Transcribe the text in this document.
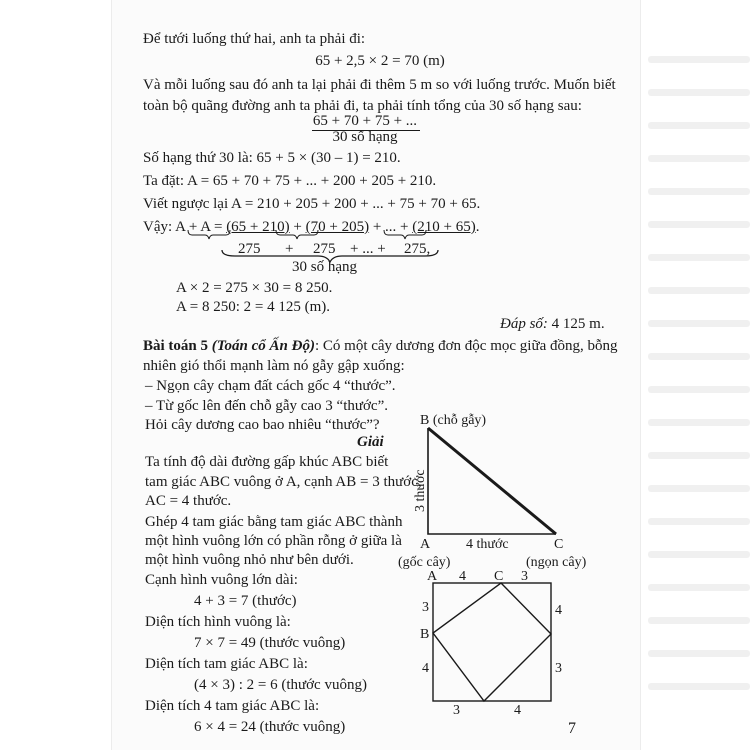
Để tưới luống thứ hai, anh ta phải đi:
65 + 2,5 × 2 = 70 (m)
Và mỗi luống sau đó anh ta lại phải đi thêm 5 m so với luống trước. Muốn biết
toàn bộ quãng đường anh ta phải đi, ta phải tính tổng của 30 số hạng sau:
65 + 70 + 75 + ...
30 số hạng
Số hạng thứ 30 là: 65 + 5 × (30 – 1) = 210.
Ta đặt: A = 65 + 70 + 75 + ... + 200 + 205 + 210.
Viết ngược lại A = 210 + 205 + 200 + ... + 75 + 70 + 65.
Vậy: A + A = (65 + 210) + (70 + 205) + ... + (210 + 65).
275 + 275 + ... + 275,
30 số hạng
A × 2 = 275 × 30 = 8 250.
A = 8 250: 2 = 4 125 (m).
Đáp số: 4 125 m.
Bài toán 5 (Toán cổ Ấn Độ): Có một cây dương đơn độc mọc giữa đồng, bỗng
nhiên gió thổi mạnh làm nó gẫy gập xuống:
– Ngọn cây chạm đất cách gốc 4 “thước”.
– Từ gốc lên đến chỗ gẫy cao 3 “thước”.
Hỏi cây dương cao bao nhiêu “thước”?
Giải
Ta tính độ dài đường gấp khúc ABC biết
tam giác ABC vuông ở A, cạnh AB = 3 thước,
AC = 4 thước.
Ghép 4 tam giác bằng tam giác ABC thành
một hình vuông lớn có phần rỗng ở giữa là
một hình vuông nhỏ như bên dưới.
Cạnh hình vuông lớn dài:
4 + 3 = 7 (thước)
Diện tích hình vuông là:
7 × 7 = 49 (thước vuông)
Diện tích tam giác ABC là:
(4 × 3) : 2 = 6 (thước vuông)
Diện tích 4 tam giác ABC là:
6 × 4 = 24 (thước vuông)	7
B (chỗ gẫy)
A	C
3 thước
4 thước
(gốc cây)	(ngọn cây)
A	C
B
4	3
3
4
4
3
3	4
